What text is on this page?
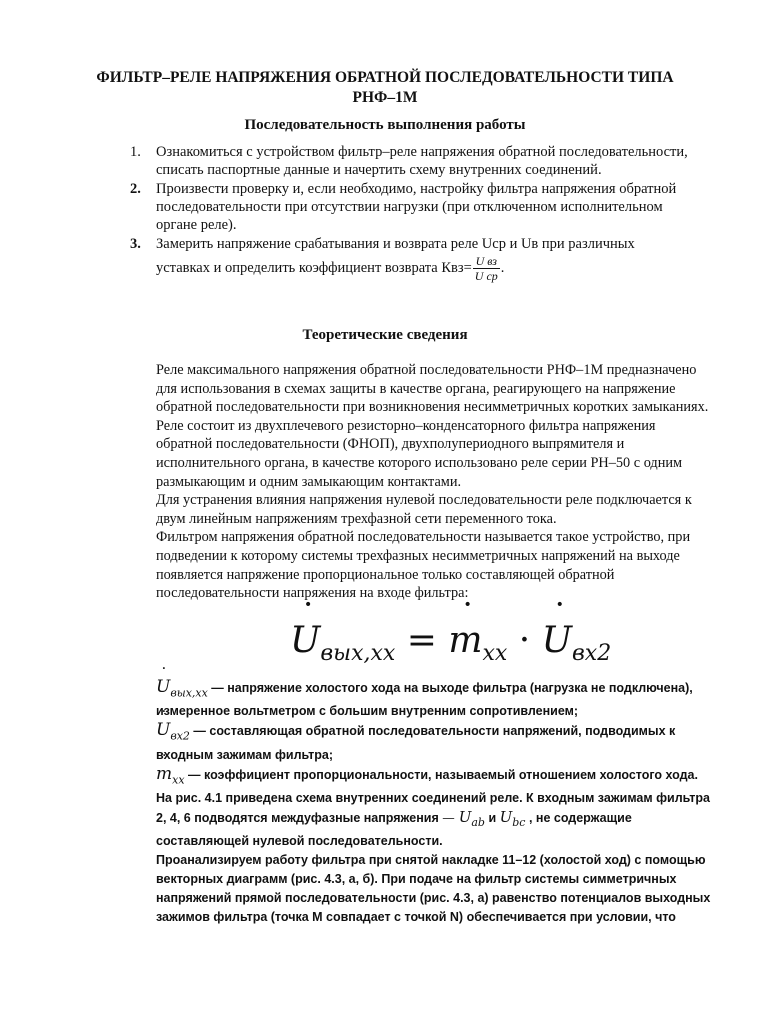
ФИЛЬТР–РЕЛЕ НАПРЯЖЕНИЯ ОБРАТНОЙ ПОСЛЕДОВАТЕЛЬНОСТИ ТИПА
РНФ–1М
Последовательность выполнения работы
1. Ознакомиться с устройством фильтр–реле напряжения обратной последовательности, списать паспортные данные и начертить схему внутренних соединений.
2. Произвести проверку и, если необходимо, настройку фильтра напряжения обратной последовательности при отсутствии нагрузки (при отключенном исполнительном органе реле).
3. Замерить напряжение срабатывания и возврата реле Uср и Uв при различных
уставках и определить коэффициент возврата $Квз= \frac{\text{U вз}}{\text{U ср}}$ .
Теоретические сведения

Реле максимального напряжения обратной последовательности РНФ–1М предназначено для использования в схемах защиты в качестве органа, реагирующего на напряжение обратной последовательности при возникновения несимметричных коротких замыканиях. Реле состоит из двухплечевого резисторно–конденсаторного фильтра напряжения обратной последовательности (ФНОП), двухполупериодного выпрямителя и исполнительного органа, в качестве которого использовано реле серии РН–50 с одним размыкающим и одним замыкающим контактами.

Для устранения влияния напряжения нулевой последовательности реле подключается к двум линейным напряжениям трехфазной сети переменного тока.

Фильтром напряжения обратной последовательности называется такое устройство, при подведении к которому системы трехфазных несимметричных напряжений на выходе появляется напряжение пропорциональное только составляющей обратной последовательности напряжения на входе фильтра:

˙ $U_{вых,хх}$ = ˙ $m_{хх}$ · ˙ $U_{вх2}$

˙ $U_{вых,хх}$ — напряжение холостого хода на выходе фильтра (нагрузка не подключена), измеренное вольтметром с большим внутренним сопротивлением;

˙ $U_{вх2}$ — составляющая обратной последовательности напряжений, подводимых к входным зажимам фильтра;

˙ $m_{хх}$ — коэффициент пропорциональности, называемый отношением холостого хода.

На рис. 4.1 приведена схема внутренних соединений реле. К входным зажимам фильтра 2, 4, 6 подводятся междуфазные напряжения — ˙ $U_{ab}$ и ˙ $U_{bc}$ , не содержащие составляющей нулевой последовательности.

Проанализируем работу фильтра при снятой накладке 11–12 (холостой ход) с помощью векторных диаграмм (рис. 4.3, а, б). При подаче на фильтр системы симметричных напряжений прямой последовательности (рис. 4.3, а) равенство потенциалов выходных зажимов фильтра (точка М совпадает с точкой N) обеспечивается при условии, что
